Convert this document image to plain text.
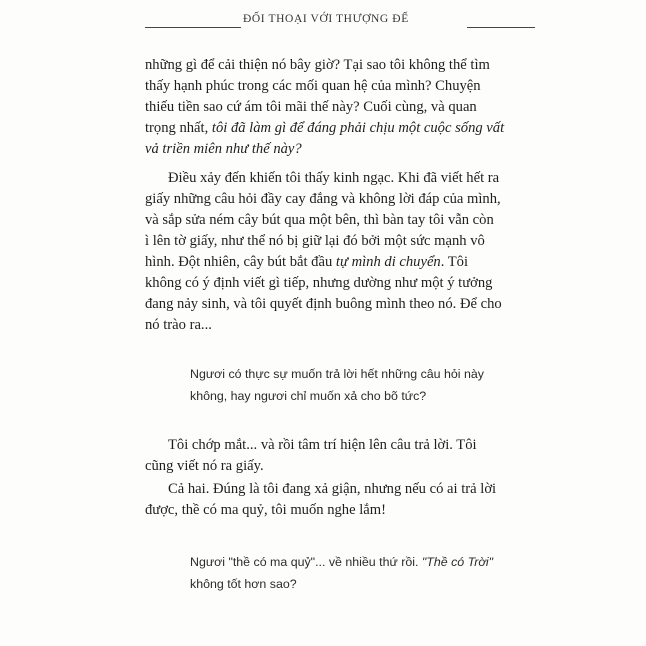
ĐỐI THOẠI VỚI THƯỢNG ĐẾ
những gì để cải thiện nó bây giờ? Tại sao tôi không thể tìm
thấy hạnh phúc trong các mối quan hệ của mình? Chuyện
thiếu tiền sao cứ ám tôi mãi thế này? Cuối cùng, và quan
trọng nhất, tôi đã làm gì để đáng phải chịu một cuộc sống vất
vả triền miên như thế này?
Điều xảy đến khiến tôi thấy kinh ngạc. Khi đã viết hết ra
giấy những câu hỏi đầy cay đắng và không lời đáp của mình,
và sắp sửa ném cây bút qua một bên, thì bàn tay tôi vẫn còn
ì lên tờ giấy, như thể nó bị giữ lại đó bởi một sức mạnh vô
hình. Đột nhiên, cây bút bắt đầu tự mình di chuyển. Tôi
không có ý định viết gì tiếp, nhưng dường như một ý tưởng
đang nảy sinh, và tôi quyết định buông mình theo nó. Để cho
nó trào ra...
Ngươi có thực sự muốn trả lời hết những câu hỏi này
không, hay ngươi chỉ muốn xả cho bõ tức?
Tôi chớp mắt... và rồi tâm trí hiện lên câu trả lời. Tôi
cũng viết nó ra giấy.
Cả hai. Đúng là tôi đang xả giận, nhưng nếu có ai trả lời
được, thề có ma quỷ, tôi muốn nghe lắm!
Ngươi "thề có ma quỷ"... về nhiều thứ rồi. "Thề có Trời"
không tốt hơn sao?
